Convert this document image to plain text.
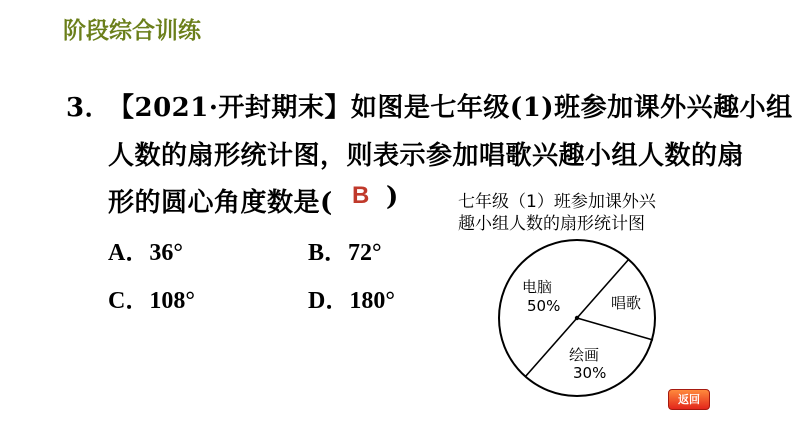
阶段综合训练
3．
【2021·开封期末】如图是七年级(1)班参加课外兴趣小组
人数的扇形统计图，则表示参加唱歌兴趣小组人数的扇
形的圆心角度数是( B )
A．36°	B．72°
C．108°	D．180°
七年级（1）班参加课外兴
趣小组人数的扇形统计图
电脑
50%	唱歌
绘画
30%
返回
